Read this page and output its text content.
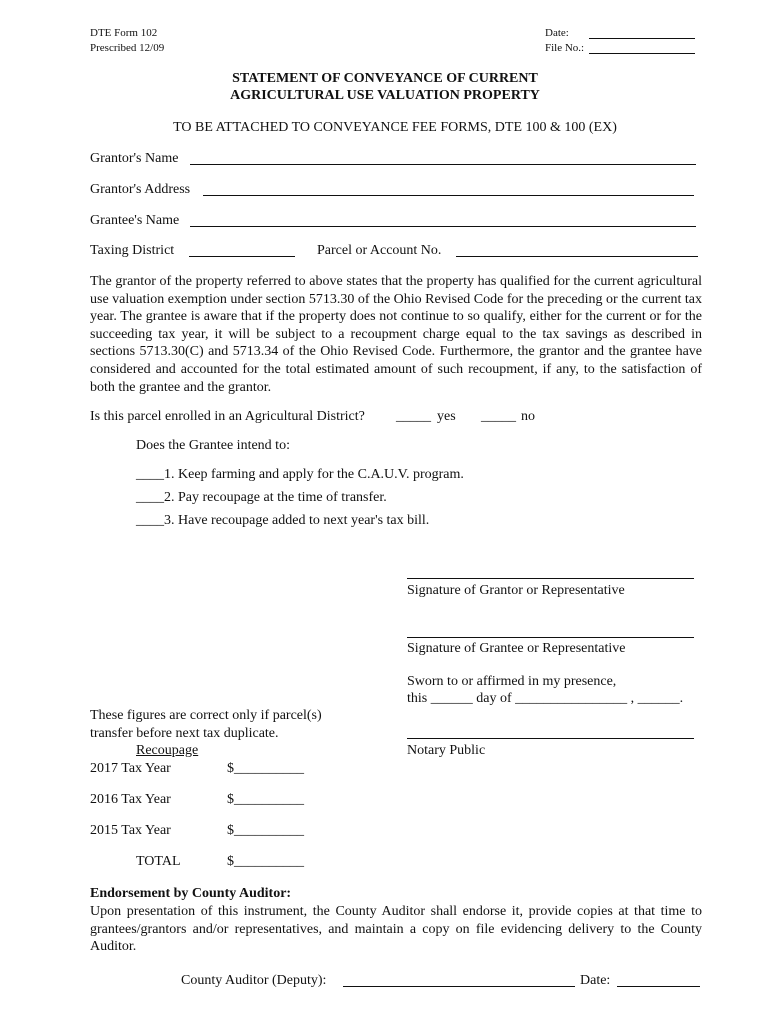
DTE Form 102
Prescribed 12/09
Date:
File No.:
STATEMENT OF CONVEYANCE OF CURRENT
AGRICULTURAL USE VALUATION PROPERTY
TO BE ATTACHED TO CONVEYANCE FEE FORMS, DTE 100 & 100 (EX)
Grantor's Name
Grantor's Address
Grantee's Name
Taxing District	Parcel or Account No.
The grantor of the property referred to above states that the property has qualified for the current agricultural use valuation exemption under section 5713.30 of the Ohio Revised Code for the preceding or the current tax year. The grantee is aware that if the property does not continue to so qualify, either for the current or for the succeeding tax year, it will be subject to a recoupment charge equal to the tax savings as described in sections 5713.30(C) and 5713.34 of the Ohio Revised Code. Furthermore, the grantor and the grantee have considered and accounted for the total estimated amount of such recoupment, if any, to the satisfaction of both the grantee and the grantor.
Is this parcel enrolled in an Agricultural District? _____ yes _____ no
Does the Grantee intend to:
____1. Keep farming and apply for the C.A.U.V. program.
____2. Pay recoupage at the time of transfer.
____3. Have recoupage added to next year's tax bill.
Signature of Grantor or Representative
Signature of Grantee or Representative
Sworn to or affirmed in my presence,
this ______ day of ________________ , ______.
Notary Public
These figures are correct only if parcel(s)
transfer before next tax duplicate.
Recoupage
2017 Tax Year	$__________
2016 Tax Year	$__________
2015 Tax Year	$__________
TOTAL	$__________
Endorsement by County Auditor:
Upon presentation of this instrument, the County Auditor shall endorse it, provide copies at that time to grantees/grantors and/or representatives, and maintain a copy on file evidencing delivery to the County Auditor.
County Auditor (Deputy):	Date:
